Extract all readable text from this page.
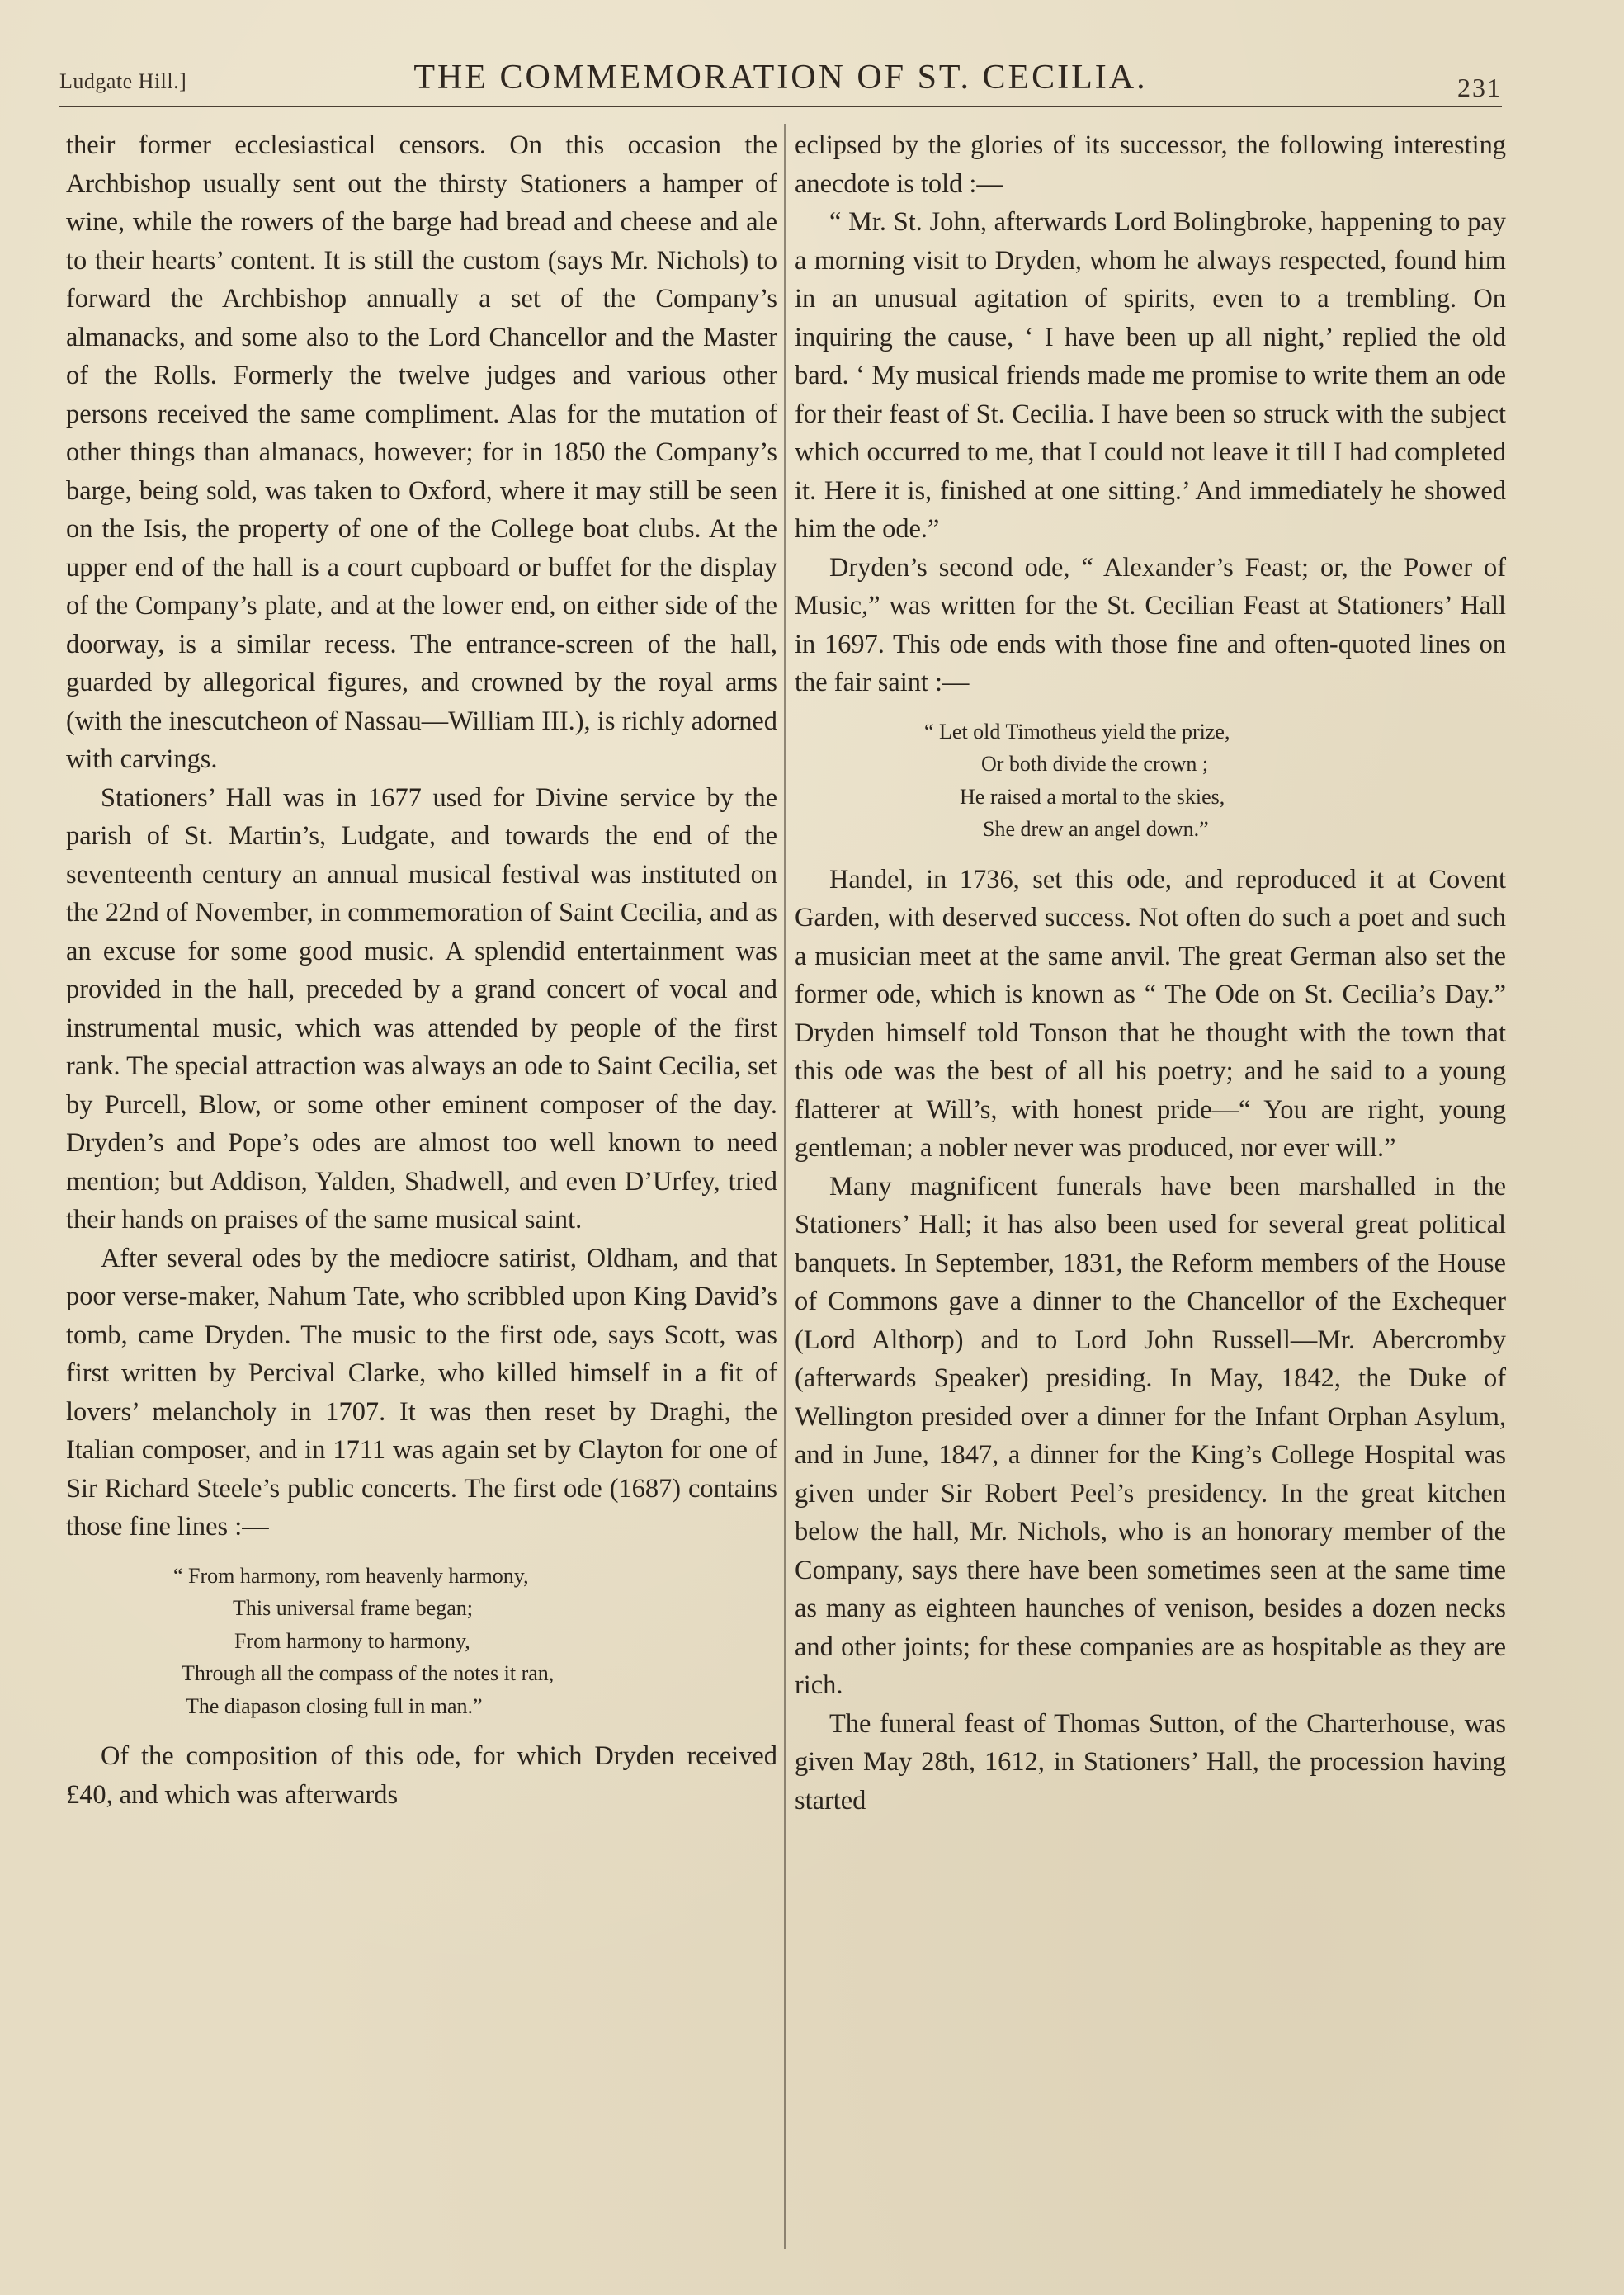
Ludgate Hill.]	THE COMMEMORATION OF ST. CECILIA.	231

their former ecclesiastical censors. On this occasion the Archbishop usually sent out the thirsty Stationers a hamper of wine, while the rowers of the barge had bread and cheese and ale to their hearts’ content. It is still the custom (says Mr. Nichols) to forward the Archbishop annually a set of the Company’s almanacks, and some also to the Lord Chancellor and the Master of the Rolls. Formerly the twelve judges and various other persons received the same compliment. Alas for the mutation of other things than almanacs, however; for in 1850 the Company’s barge, being sold, was taken to Oxford, where it may still be seen on the Isis, the property of one of the College boat clubs. At the upper end of the hall is a court cupboard or buffet for the display of the Company’s plate, and at the lower end, on either side of the doorway, is a similar recess. The entrance-screen of the hall, guarded by allegorical figures, and crowned by the royal arms (with the inescutcheon of Nassau—William III.), is richly adorned with carvings.

Stationers’ Hall was in 1677 used for Divine service by the parish of St. Martin’s, Ludgate, and towards the end of the seventeenth century an annual musical festival was instituted on the 22nd of November, in commemoration of Saint Cecilia, and as an excuse for some good music. A splendid entertainment was provided in the hall, preceded by a grand concert of vocal and instrumental music, which was attended by people of the first rank. The special attraction was always an ode to Saint Cecilia, set by Purcell, Blow, or some other eminent composer of the day. Dryden’s and Pope’s odes are almost too well known to need mention; but Addison, Yalden, Shadwell, and even D’Urfey, tried their hands on praises of the same musical saint.

After several odes by the mediocre satirist, Oldham, and that poor verse-maker, Nahum Tate, who scribbled upon King David’s tomb, came Dryden. The music to the first ode, says Scott, was first written by Percival Clarke, who killed himself in a fit of lovers’ melancholy in 1707. It was then reset by Draghi, the Italian composer, and in 1711 was again set by Clayton for one of Sir Richard Steele’s public concerts. The first ode (1687) contains those fine lines :—

“ From harmony, rom heavenly harmony,
This universal frame began;
From harmony to harmony,
Through all the compass of the notes it ran,
The diapason closing full in man.”

Of the composition of this ode, for which Dryden received £40, and which was afterwards

eclipsed by the glories of its successor, the following interesting anecdote is told :—

“ Mr. St. John, afterwards Lord Bolingbroke, happening to pay a morning visit to Dryden, whom he always respected, found him in an unusual agitation of spirits, even to a trembling. On inquiring the cause, ‘ I have been up all night,’ replied the old bard. ‘ My musical friends made me promise to write them an ode for their feast of St. Cecilia. I have been so struck with the subject which occurred to me, that I could not leave it till I had completed it. Here it is, finished at one sitting.’ And immediately he showed him the ode.”

Dryden’s second ode, “ Alexander’s Feast; or, the Power of Music,” was written for the St. Cecilian Feast at Stationers’ Hall in 1697. This ode ends with those fine and often-quoted lines on the fair saint :—

“ Let old Timotheus yield the prize,
Or both divide the crown ;
He raised a mortal to the skies,
She drew an angel down.”

Handel, in 1736, set this ode, and reproduced it at Covent Garden, with deserved success. Not often do such a poet and such a musician meet at the same anvil. The great German also set the former ode, which is known as “ The Ode on St. Cecilia’s Day.” Dryden himself told Tonson that he thought with the town that this ode was the best of all his poetry; and he said to a young flatterer at Will’s, with honest pride—“ You are right, young gentleman; a nobler never was produced, nor ever will.”

Many magnificent funerals have been marshalled in the Stationers’ Hall; it has also been used for several great political banquets. In September, 1831, the Reform members of the House of Commons gave a dinner to the Chancellor of the Exchequer (Lord Althorp) and to Lord John Russell—Mr. Abercromby (afterwards Speaker) presiding. In May, 1842, the Duke of Wellington presided over a dinner for the Infant Orphan Asylum, and in June, 1847, a dinner for the King’s College Hospital was given under Sir Robert Peel’s presidency. In the great kitchen below the hall, Mr. Nichols, who is an honorary member of the Company, says there have been sometimes seen at the same time as many as eighteen haunches of venison, besides a dozen necks and other joints; for these companies are as hospitable as they are rich.

The funeral feast of Thomas Sutton, of the Charterhouse, was given May 28th, 1612, in Stationers’ Hall, the procession having started
